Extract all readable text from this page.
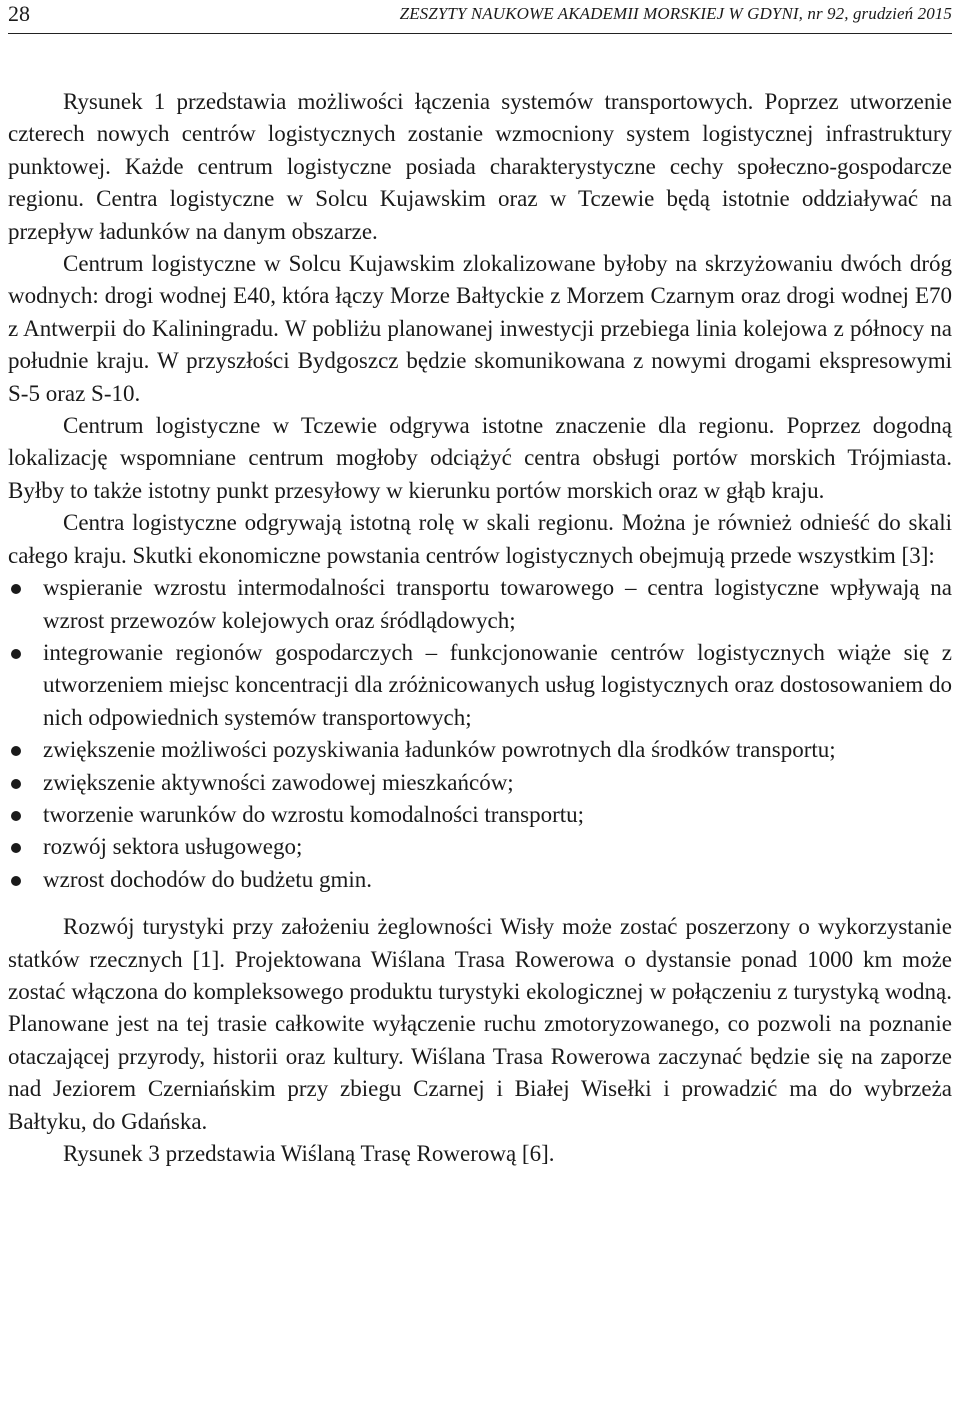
28	ZESZYTY NAUKOWE AKADEMII MORSKIEJ W GDYNI, nr 92, grudzień 2015

Rysunek 1 przedstawia możliwości łączenia systemów transportowych. Poprzez utworzenie czterech nowych centrów logistycznych zostanie wzmocniony system logistycznej infrastruktury punktowej. Każde centrum logistyczne posiada charakterystyczne cechy społeczno-gospodarcze regionu. Centra logistyczne w Solcu Kujawskim oraz w Tczewie będą istotnie oddziaływać na przepływ ładunków na danym obszarze.

Centrum logistyczne w Solcu Kujawskim zlokalizowane byłoby na skrzyżowaniu dwóch dróg wodnych: drogi wodnej E40, która łączy Morze Bałtyckie z Morzem Czarnym oraz drogi wodnej E70 z Antwerpii do Kaliningradu. W pobliżu planowanej inwestycji przebiega linia kolejowa z północy na południe kraju. W przyszłości Bydgoszcz będzie skomunikowana z nowymi drogami ekspresowymi S-5 oraz S-10.

Centrum logistyczne w Tczewie odgrywa istotne znaczenie dla regionu. Poprzez dogodną lokalizację wspomniane centrum mogłoby odciążyć centra obsługi portów morskich Trójmiasta. Byłby to także istotny punkt przesyłowy w kierunku portów morskich oraz w głąb kraju.

Centra logistyczne odgrywają istotną rolę w skali regionu. Można je również odnieść do skali całego kraju. Skutki ekonomiczne powstania centrów logistycznych obejmują przede wszystkim [3]:

wspieranie wzrostu intermodalności transportu towarowego – centra logistyczne wpływają na wzrost przewozów kolejowych oraz śródlądowych;
integrowanie regionów gospodarczych – funkcjonowanie centrów logistycznych wiąże się z utworzeniem miejsc koncentracji dla zróżnicowanych usług logistycznych oraz dostosowaniem do nich odpowiednich systemów transportowych;
zwiększenie możliwości pozyskiwania ładunków powrotnych dla środków transportu;
zwiększenie aktywności zawodowej mieszkańców;
tworzenie warunków do wzrostu komodalności transportu;
rozwój sektora usługowego;
wzrost dochodów do budżetu gmin.

Rozwój turystyki przy założeniu żeglowności Wisły może zostać poszerzony o wykorzystanie statków rzecznych [1]. Projektowana Wiślana Trasa Rowerowa o dystansie ponad 1000 km może zostać włączona do kompleksowego produktu turystyki ekologicznej w połączeniu z turystyką wodną. Planowane jest na tej trasie całkowite wyłączenie ruchu zmotoryzowanego, co pozwoli na poznanie otaczającej przyrody, historii oraz kultury. Wiślana Trasa Rowerowa zaczynać będzie się na zaporze nad Jeziorem Czerniańskim przy zbiegu Czarnej i Białej Wisełki i prowadzić ma do wybrzeża Bałtyku, do Gdańska.

Rysunek 3 przedstawia Wiślaną Trasę Rowerową [6].
